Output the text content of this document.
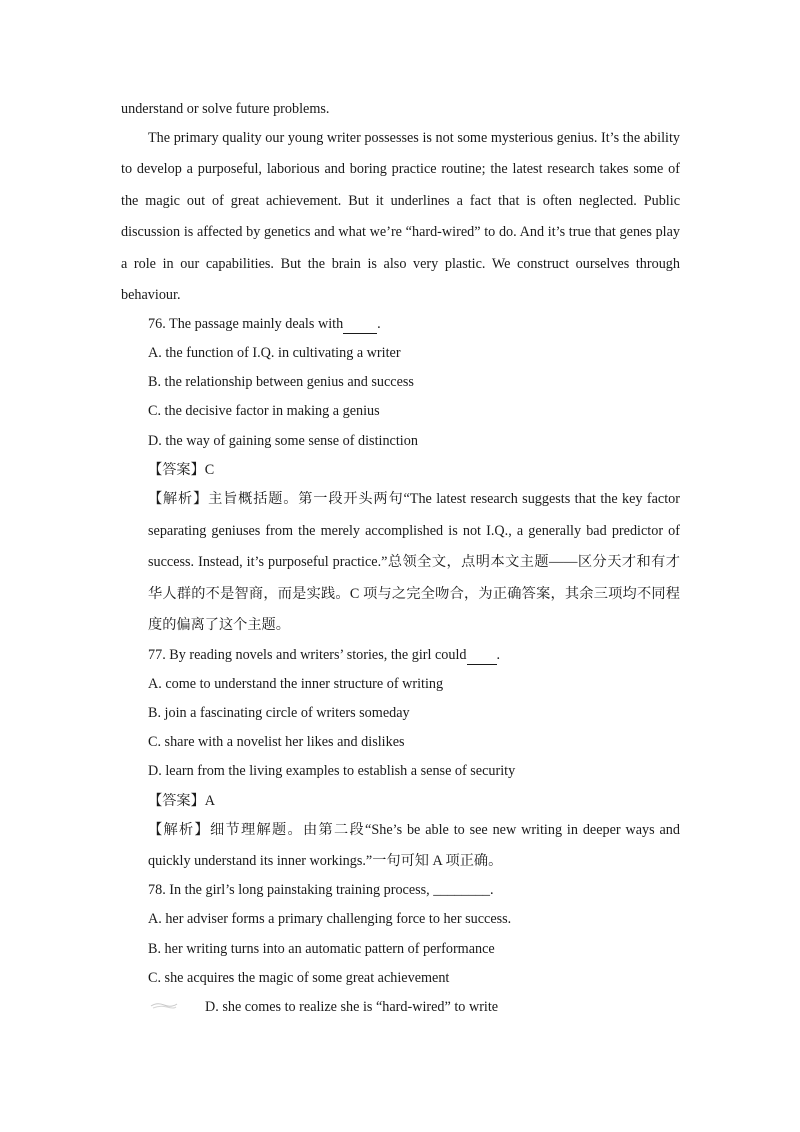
understand or solve future problems.
The primary quality our young writer possesses is not some mysterious genius. It’s the ability
to develop a purposeful, laborious and boring practice routine; the latest research takes some of
the magic out of great achievement. But it underlines a fact that is often neglected. Public
discussion is affected by genetics and what we’re “hard-wired” to do. And it’s true that genes play
a role in our capabilities. But the brain is also very plastic. We construct ourselves through
behaviour.
76. The passage mainly deals with .
A. the function of I.Q. in cultivating a writer
B. the relationship between genius and success
C. the decisive factor in making a genius
D. the way of gaining some sense of distinction
【答案】C
【解析】主旨概括题。第一段开头两句“The latest research suggests that the key factor
separating geniuses from the merely accomplished is not I.Q., a generally bad predictor of
success. Instead, it’s purposeful practice.”总领全文，点明本文主题——区分天才和有才
华人群的不是智商，而是实践。C 项与之完全吻合，为正确答案，其余三项均不同程
度的偏离了这个主题。
77. By reading novels and writers’ stories, the girl could .
A. come to understand the inner structure of writing
B. join a fascinating circle of writers someday
C. share with a novelist her likes and dislikes
D. learn from the living examples to establish a sense of security
【答案】A
【解析】细节理解题。由第二段“She’s be able to see new writing in deeper ways and
quickly understand its inner workings.”一句可知 A 项正确。
78. In the girl’s long painstaking training process, ________.
A. her adviser forms a primary challenging force to her success.
B. her writing turns into an automatic pattern of performance
C. she acquires the magic of some great achievement
D. she comes to realize she is “hard-wired” to write
